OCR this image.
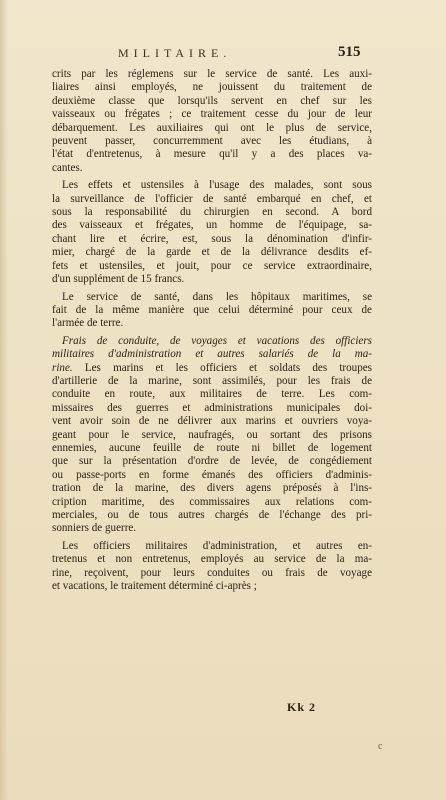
MILITAIRE.	515
crits par les réglemens sur le service de santé. Les auxi-
liaires ainsi employés, ne jouissent du traitement de
deuxième classe que lorsqu'ils servent en chef sur les
vaisseaux ou frégates ; ce traitement cesse du jour de leur
débarquement. Les auxiliaires qui ont le plus de service,
peuvent passer, concurremment avec les étudians, à
l'état d'entretenus, à mesure qu'il y a des places va-
cantes.
Les effets et ustensiles à l'usage des malades, sont sous
la surveillance de l'officier de santé embarqué en chef, et
sous la responsabilité du chirurgien en second. A bord
des vaisseaux et frégates, un homme de l'équipage, sa-
chant lire et écrire, est, sous la dénomination d'infir-
mier, chargé de la garde et de la délivrance desdits ef-
fets et ustensiles, et jouit, pour ce service extraordinaire,
d'un supplément de 15 francs.
Le service de santé, dans les hôpitaux maritimes, se
fait de la même manière que celui déterminé pour ceux de
l'armée de terre.
Frais de conduite, de voyages et vacations des officiers
militaires d'administration et autres salariés de la ma-
rine. Les marins et les officiers et soldats des troupes
d'artillerie de la marine, sont assimilés, pour les frais de
conduite en route, aux militaires de terre. Les com-
missaires des guerres et administrations municipales doi-
vent avoir soin de ne délivrer aux marins et ouvriers voya-
geant pour le service, naufragés, ou sortant des prisons
ennemies, aucune feuille de route ni billet de logement
que sur la présentation d'ordre de levée, de congédiement
ou passe-ports en forme émanés des officiers d'adminis-
tration de la marine, des divers agens préposés à l'ins-
cription maritime, des commissaires aux relations com-
merciales, ou de tous autres chargés de l'échange des pri-
sonniers de guerre.
Les officiers militaires d'administration, et autres en-
tretenus et non entretenus, employés au service de la ma-
rine, reçoivent, pour leurs conduites ou frais de voyage
et vacations, le traitement déterminé ci-après ;
Kk 2
c
